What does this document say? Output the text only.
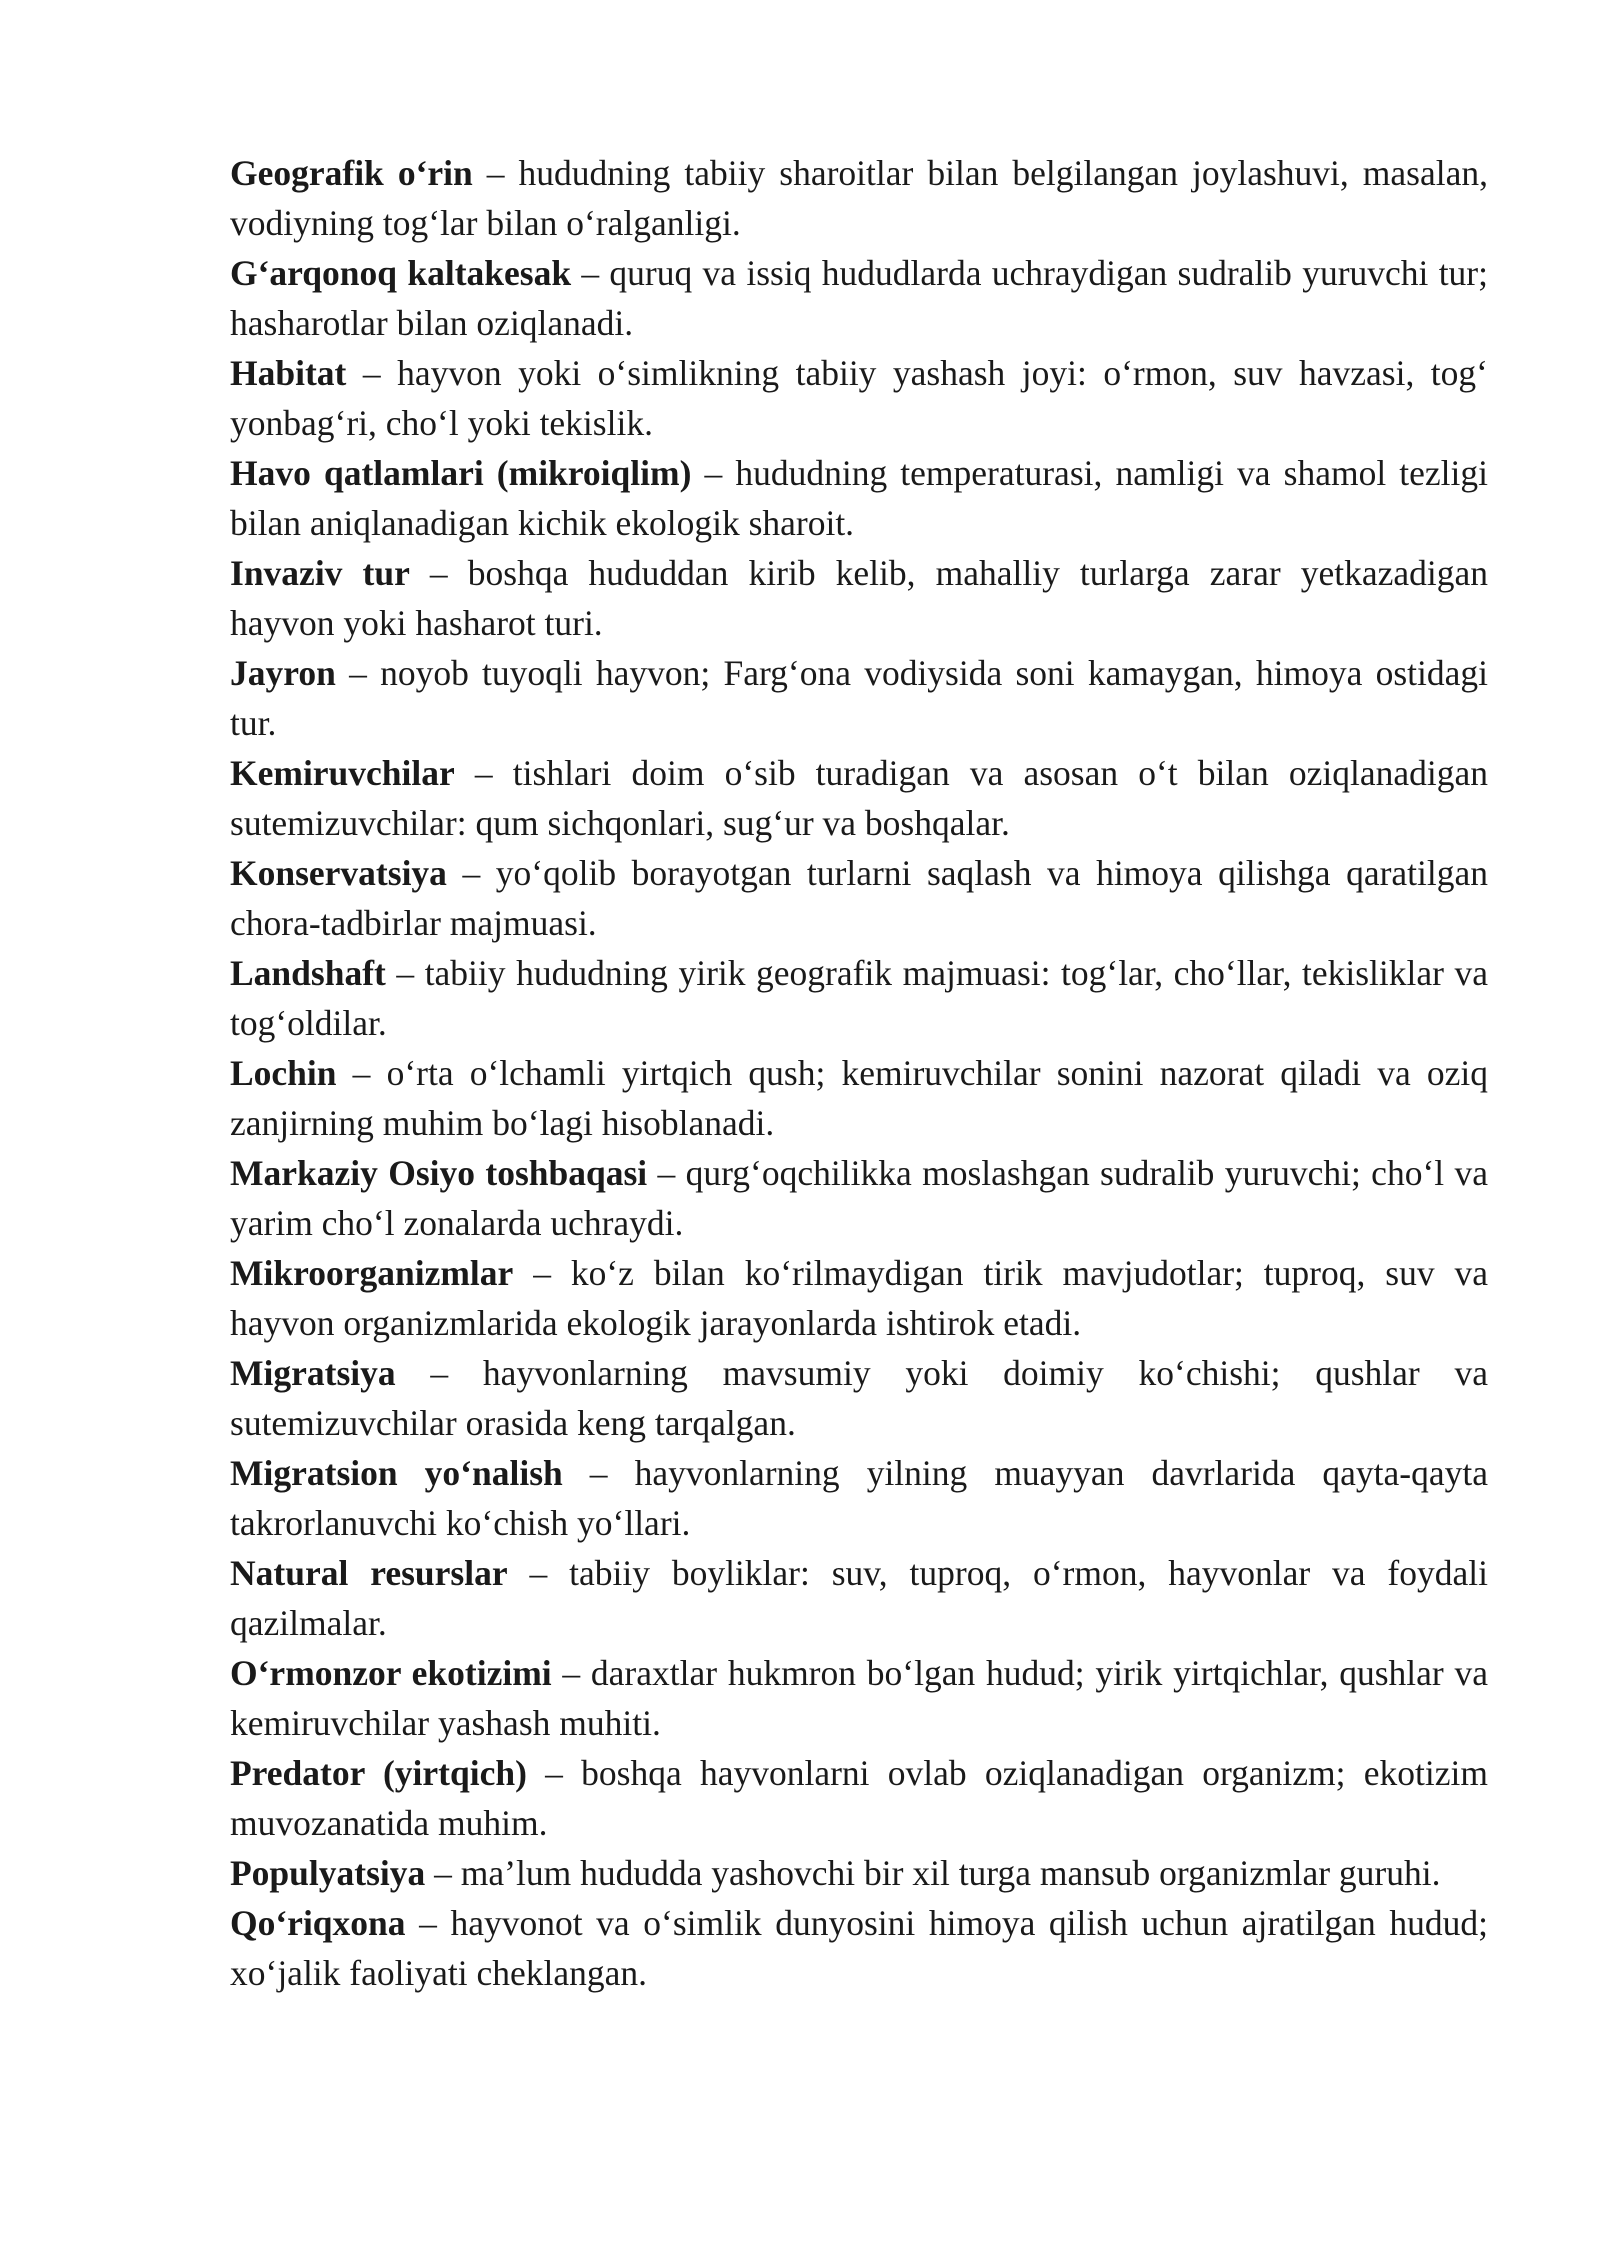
Geografik o‘rin – hududning tabiiy sharoitlar bilan belgilangan joylashuvi, masalan, vodiyning tog‘lar bilan o‘ralganligi.

G‘arqonoq kaltakesak – quruq va issiq hududlarda uchraydigan sudralib yuruvchi tur; hasharotlar bilan oziqlanadi.

Habitat – hayvon yoki o‘simlikning tabiiy yashash joyi: o‘rmon, suv havzasi, tog‘ yonbag‘ri, cho‘l yoki tekislik.

Havo qatlamlari (mikroiqlim) – hududning temperaturasi, namligi va shamol tezligi bilan aniqlanadigan kichik ekologik sharoit.

Invaziv tur – boshqa hududdan kirib kelib, mahalliy turlarga zarar yetkazadigan hayvon yoki hasharot turi.

Jayron – noyob tuyoqli hayvon; Farg‘ona vodiysida soni kamaygan, himoya ostidagi tur.

Kemiruvchilar – tishlari doim o‘sib turadigan va asosan o‘t bilan oziqlanadigan sutemizuvchilar: qum sichqonlari, sug‘ur va boshqalar.

Konservatsiya – yo‘qolib borayotgan turlarni saqlash va himoya qilishga qaratilgan chora-tadbirlar majmuasi.

Landshaft – tabiiy hududning yirik geografik majmuasi: tog‘lar, cho‘llar, tekisliklar va tog‘oldilar.

Lochin – o‘rta o‘lchamli yirtqich qush; kemiruvchilar sonini nazorat qiladi va oziq zanjirning muhim bo‘lagi hisoblanadi.

Markaziy Osiyo toshbaqasi – qurg‘oqchilikka moslashgan sudralib yuruvchi; cho‘l va yarim cho‘l zonalarda uchraydi.

Mikroorganizmlar – ko‘z bilan ko‘rilmaydigan tirik mavjudotlar; tuproq, suv va hayvon organizmlarida ekologik jarayonlarda ishtirok etadi.

Migratsiya – hayvonlarning mavsumiy yoki doimiy ko‘chishi; qushlar va sutemizuvchilar orasida keng tarqalgan.

Migratsion yo‘nalish – hayvonlarning yilning muayyan davrlarida qayta-qayta takrorlanuvchi ko‘chish yo‘llari.

Natural resurslar – tabiiy boyliklar: suv, tuproq, o‘rmon, hayvonlar va foydali qazilmalar.

O‘rmonzor ekotizimi – daraxtlar hukmron bo‘lgan hudud; yirik yirtqichlar, qushlar va kemiruvchilar yashash muhiti.

Predator (yirtqich) – boshqa hayvonlarni ovlab oziqlanadigan organizm; ekotizim muvozanatida muhim.

Populyatsiya – ma’lum hududda yashovchi bir xil turga mansub organizmlar guruhi.

Qo‘riqxona – hayvonot va o‘simlik dunyosini himoya qilish uchun ajratilgan hudud; xo‘jalik faoliyati cheklangan.
